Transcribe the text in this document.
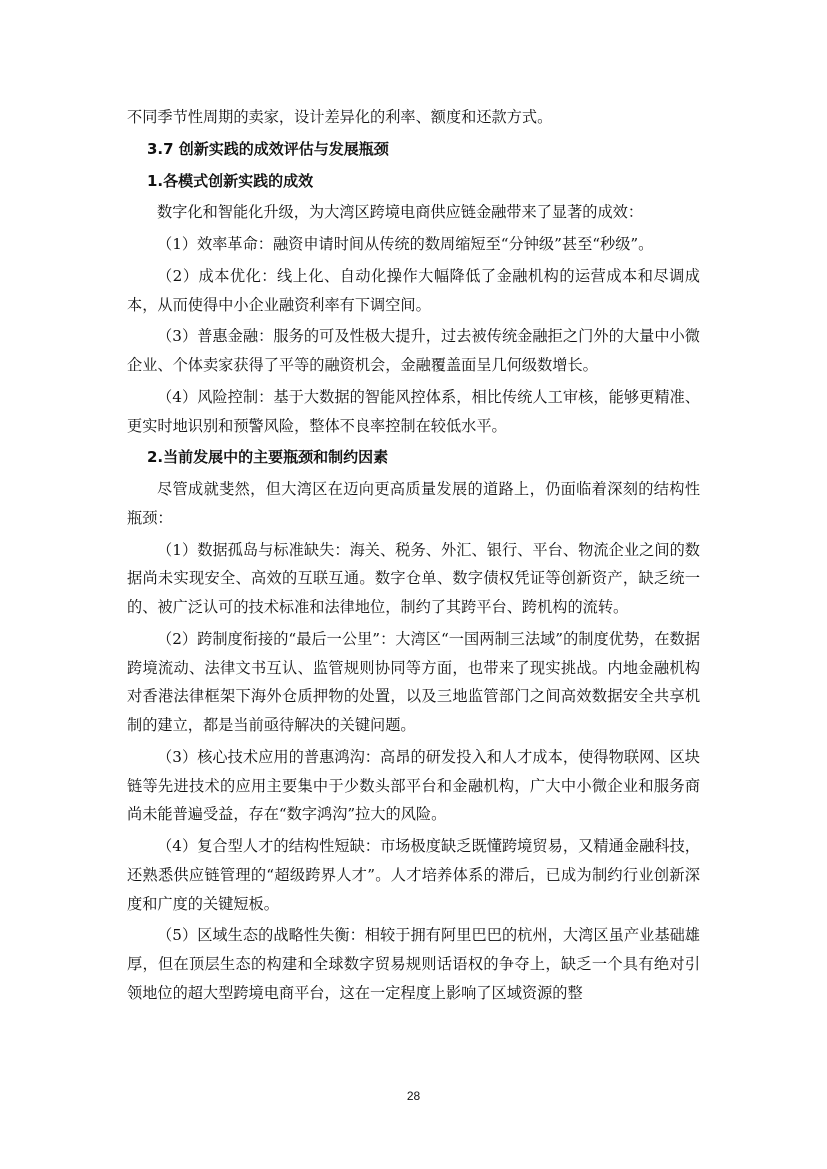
不同季节性周期的卖家，设计差异化的利率、额度和还款方式。

3.7 创新实践的成效评估与发展瓶颈

1.各模式创新实践的成效

数字化和智能化升级，为大湾区跨境电商供应链金融带来了显著的成效：

（1）效率革命：融资申请时间从传统的数周缩短至“分钟级”甚至“秒级”。

（2）成本优化：线上化、自动化操作大幅降低了金融机构的运营成本和尽调成本，从而使得中小企业融资利率有下调空间。

（3）普惠金融：服务的可及性极大提升，过去被传统金融拒之门外的大量中小微企业、个体卖家获得了平等的融资机会，金融覆盖面呈几何级数增长。

（4）风险控制：基于大数据的智能风控体系，相比传统人工审核，能够更精准、更实时地识别和预警风险，整体不良率控制在较低水平。

2.当前发展中的主要瓶颈和制约因素

尽管成就斐然，但大湾区在迈向更高质量发展的道路上，仍面临着深刻的结构性瓶颈：

（1）数据孤岛与标准缺失：海关、税务、外汇、银行、平台、物流企业之间的数据尚未实现安全、高效的互联互通。数字仓单、数字债权凭证等创新资产，缺乏统一的、被广泛认可的技术标准和法律地位，制约了其跨平台、跨机构的流转。

（2）跨制度衔接的“最后一公里”：大湾区“一国两制三法域”的制度优势，在数据跨境流动、法律文书互认、监管规则协同等方面，也带来了现实挑战。内地金融机构对香港法律框架下海外仓质押物的处置，以及三地监管部门之间高效数据安全共享机制的建立，都是当前亟待解决的关键问题。

（3）核心技术应用的普惠鸿沟：高昂的研发投入和人才成本，使得物联网、区块链等先进技术的应用主要集中于少数头部平台和金融机构，广大中小微企业和服务商尚未能普遍受益，存在“数字鸿沟”拉大的风险。

（4）复合型人才的结构性短缺：市场极度缺乏既懂跨境贸易，又精通金融科技，还熟悉供应链管理的“超级跨界人才”。人才培养体系的滞后，已成为制约行业创新深度和广度的关键短板。

（5）区域生态的战略性失衡：相较于拥有阿里巴巴的杭州，大湾区虽产业基础雄厚，但在顶层生态的构建和全球数字贸易规则话语权的争夺上，缺乏一个具有绝对引领地位的超大型跨境电商平台，这在一定程度上影响了区域资源的整

28
